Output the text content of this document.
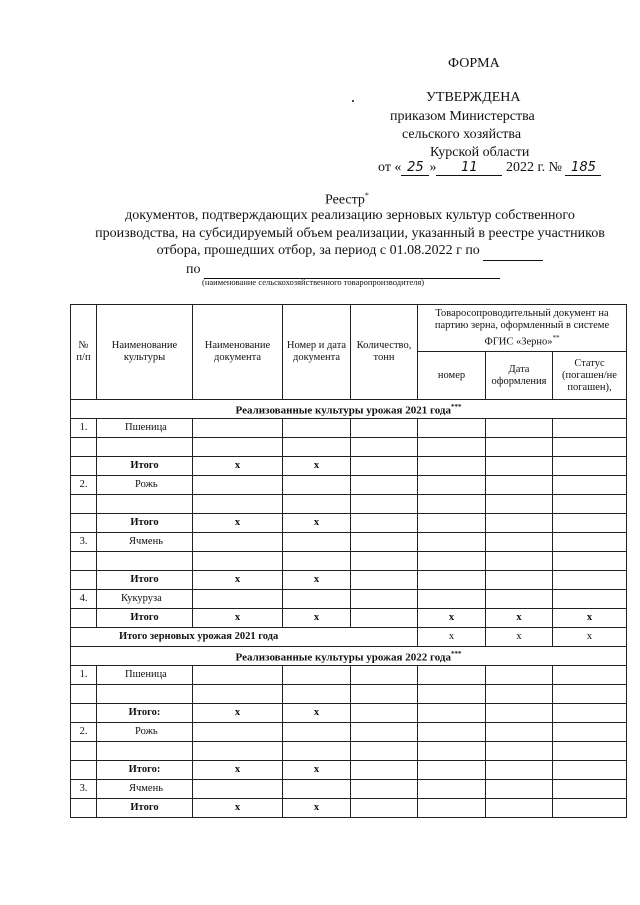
ФОРМА
УТВЕРЖДЕНА
приказом Министерства
сельского хозяйства
Курской области
от « 25 » 11 2022 г. № 185
Реестр*
документов, подтверждающих реализацию зерновых культур собственного производства, на субсидируемый объем реализации, указанный в реестре участников отбора, прошедших отбор, за период с 01.08.2022 г по
по
(наименование сельскохозяйственного товаропроизводителя)
№ п/п	Наименование культуры	Наименование документа	Номер и дата документа	Количество, тонн	Товаросопроводительный документ на партию зерна, оформленный в системе ФГИС «Зерно»**
					номер	Дата оформления	Статус (погашен/не погашен),
Реализованные культуры урожая 2021 года***
1.	Пшеница						

	Итого	x	x				
2.	Рожь						

	Итого	x	x				
3.	Ячмень						

	Итого	x	x				
4.	Кукуруза						
	Итого	x	x		x	x	x
Итого зерновых урожая 2021 года					x	x	x
Реализованные культуры урожая 2022 года***
1.	Пшеница						

	Итого:	x	x				
2.	Рожь						

	Итого:	x	x				
3.	Ячмень						
	Итого	x	x				
